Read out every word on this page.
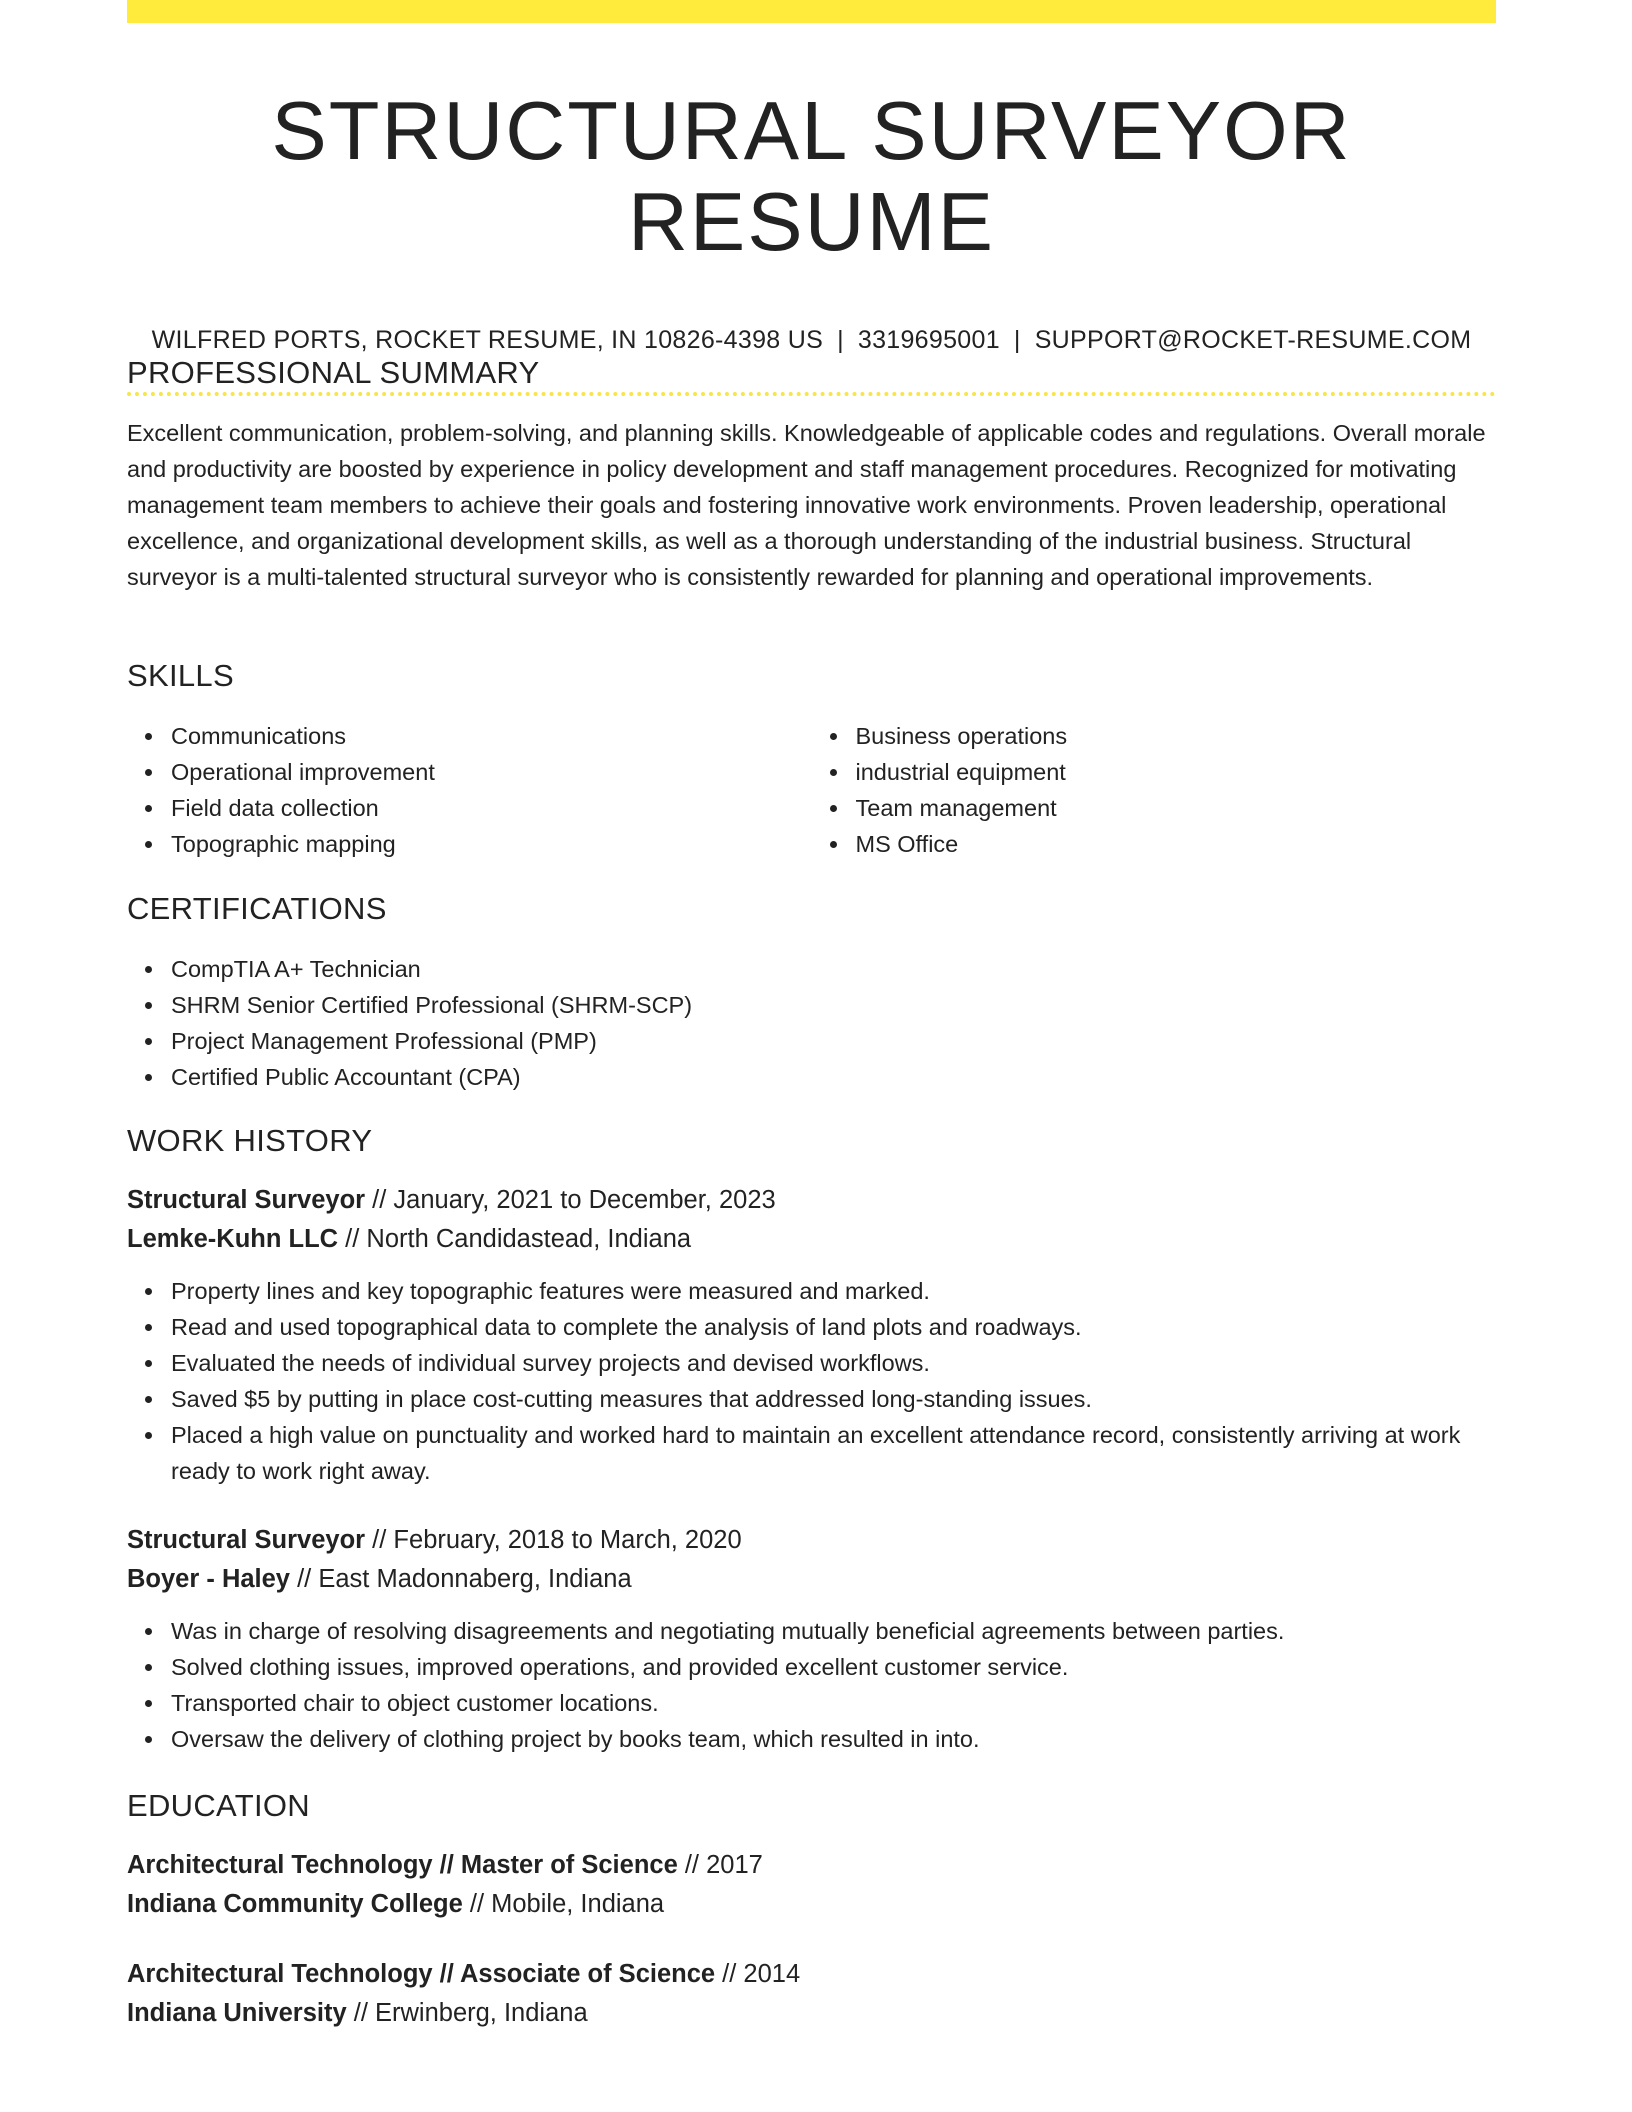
STRUCTURAL SURVEYOR RESUME
WILFRED PORTS, ROCKET RESUME, IN 10826-4398 US | 3319695001 | SUPPORT@ROCKET-RESUME.COM
PROFESSIONAL SUMMARY

Excellent communication, problem-solving, and planning skills. Knowledgeable of applicable codes and regulations. Overall morale and productivity are boosted by experience in policy development and staff management procedures. Recognized for motivating management team members to achieve their goals and fostering innovative work environments. Proven leadership, operational excellence, and organizational development skills, as well as a thorough understanding of the industrial business. Structural surveyor is a multi-talented structural surveyor who is consistently rewarded for planning and operational improvements.

SKILLS
Communications
Operational improvement
Field data collection
Topographic mapping
Business operations
industrial equipment
Team management
MS Office
CERTIFICATIONS
CompTIA A+ Technician
SHRM Senior Certified Professional (SHRM-SCP)
Project Management Professional (PMP)
Certified Public Accountant (CPA)
WORK HISTORY
Structural Surveyor // January, 2021 to December, 2023
Lemke-Kuhn LLC // North Candidastead, Indiana
Property lines and key topographic features were measured and marked.
Read and used topographical data to complete the analysis of land plots and roadways.
Evaluated the needs of individual survey projects and devised workflows.
Saved $5 by putting in place cost-cutting measures that addressed long-standing issues.
Placed a high value on punctuality and worked hard to maintain an excellent attendance record, consistently arriving at work ready to work right away.
Structural Surveyor // February, 2018 to March, 2020
Boyer - Haley // East Madonnaberg, Indiana
Was in charge of resolving disagreements and negotiating mutually beneficial agreements between parties.
Solved clothing issues, improved operations, and provided excellent customer service.
Transported chair to object customer locations.
Oversaw the delivery of clothing project by books team, which resulted in into.
EDUCATION
Architectural Technology // Master of Science // 2017
Indiana Community College // Mobile, Indiana
Architectural Technology // Associate of Science // 2014
Indiana University // Erwinberg, Indiana
